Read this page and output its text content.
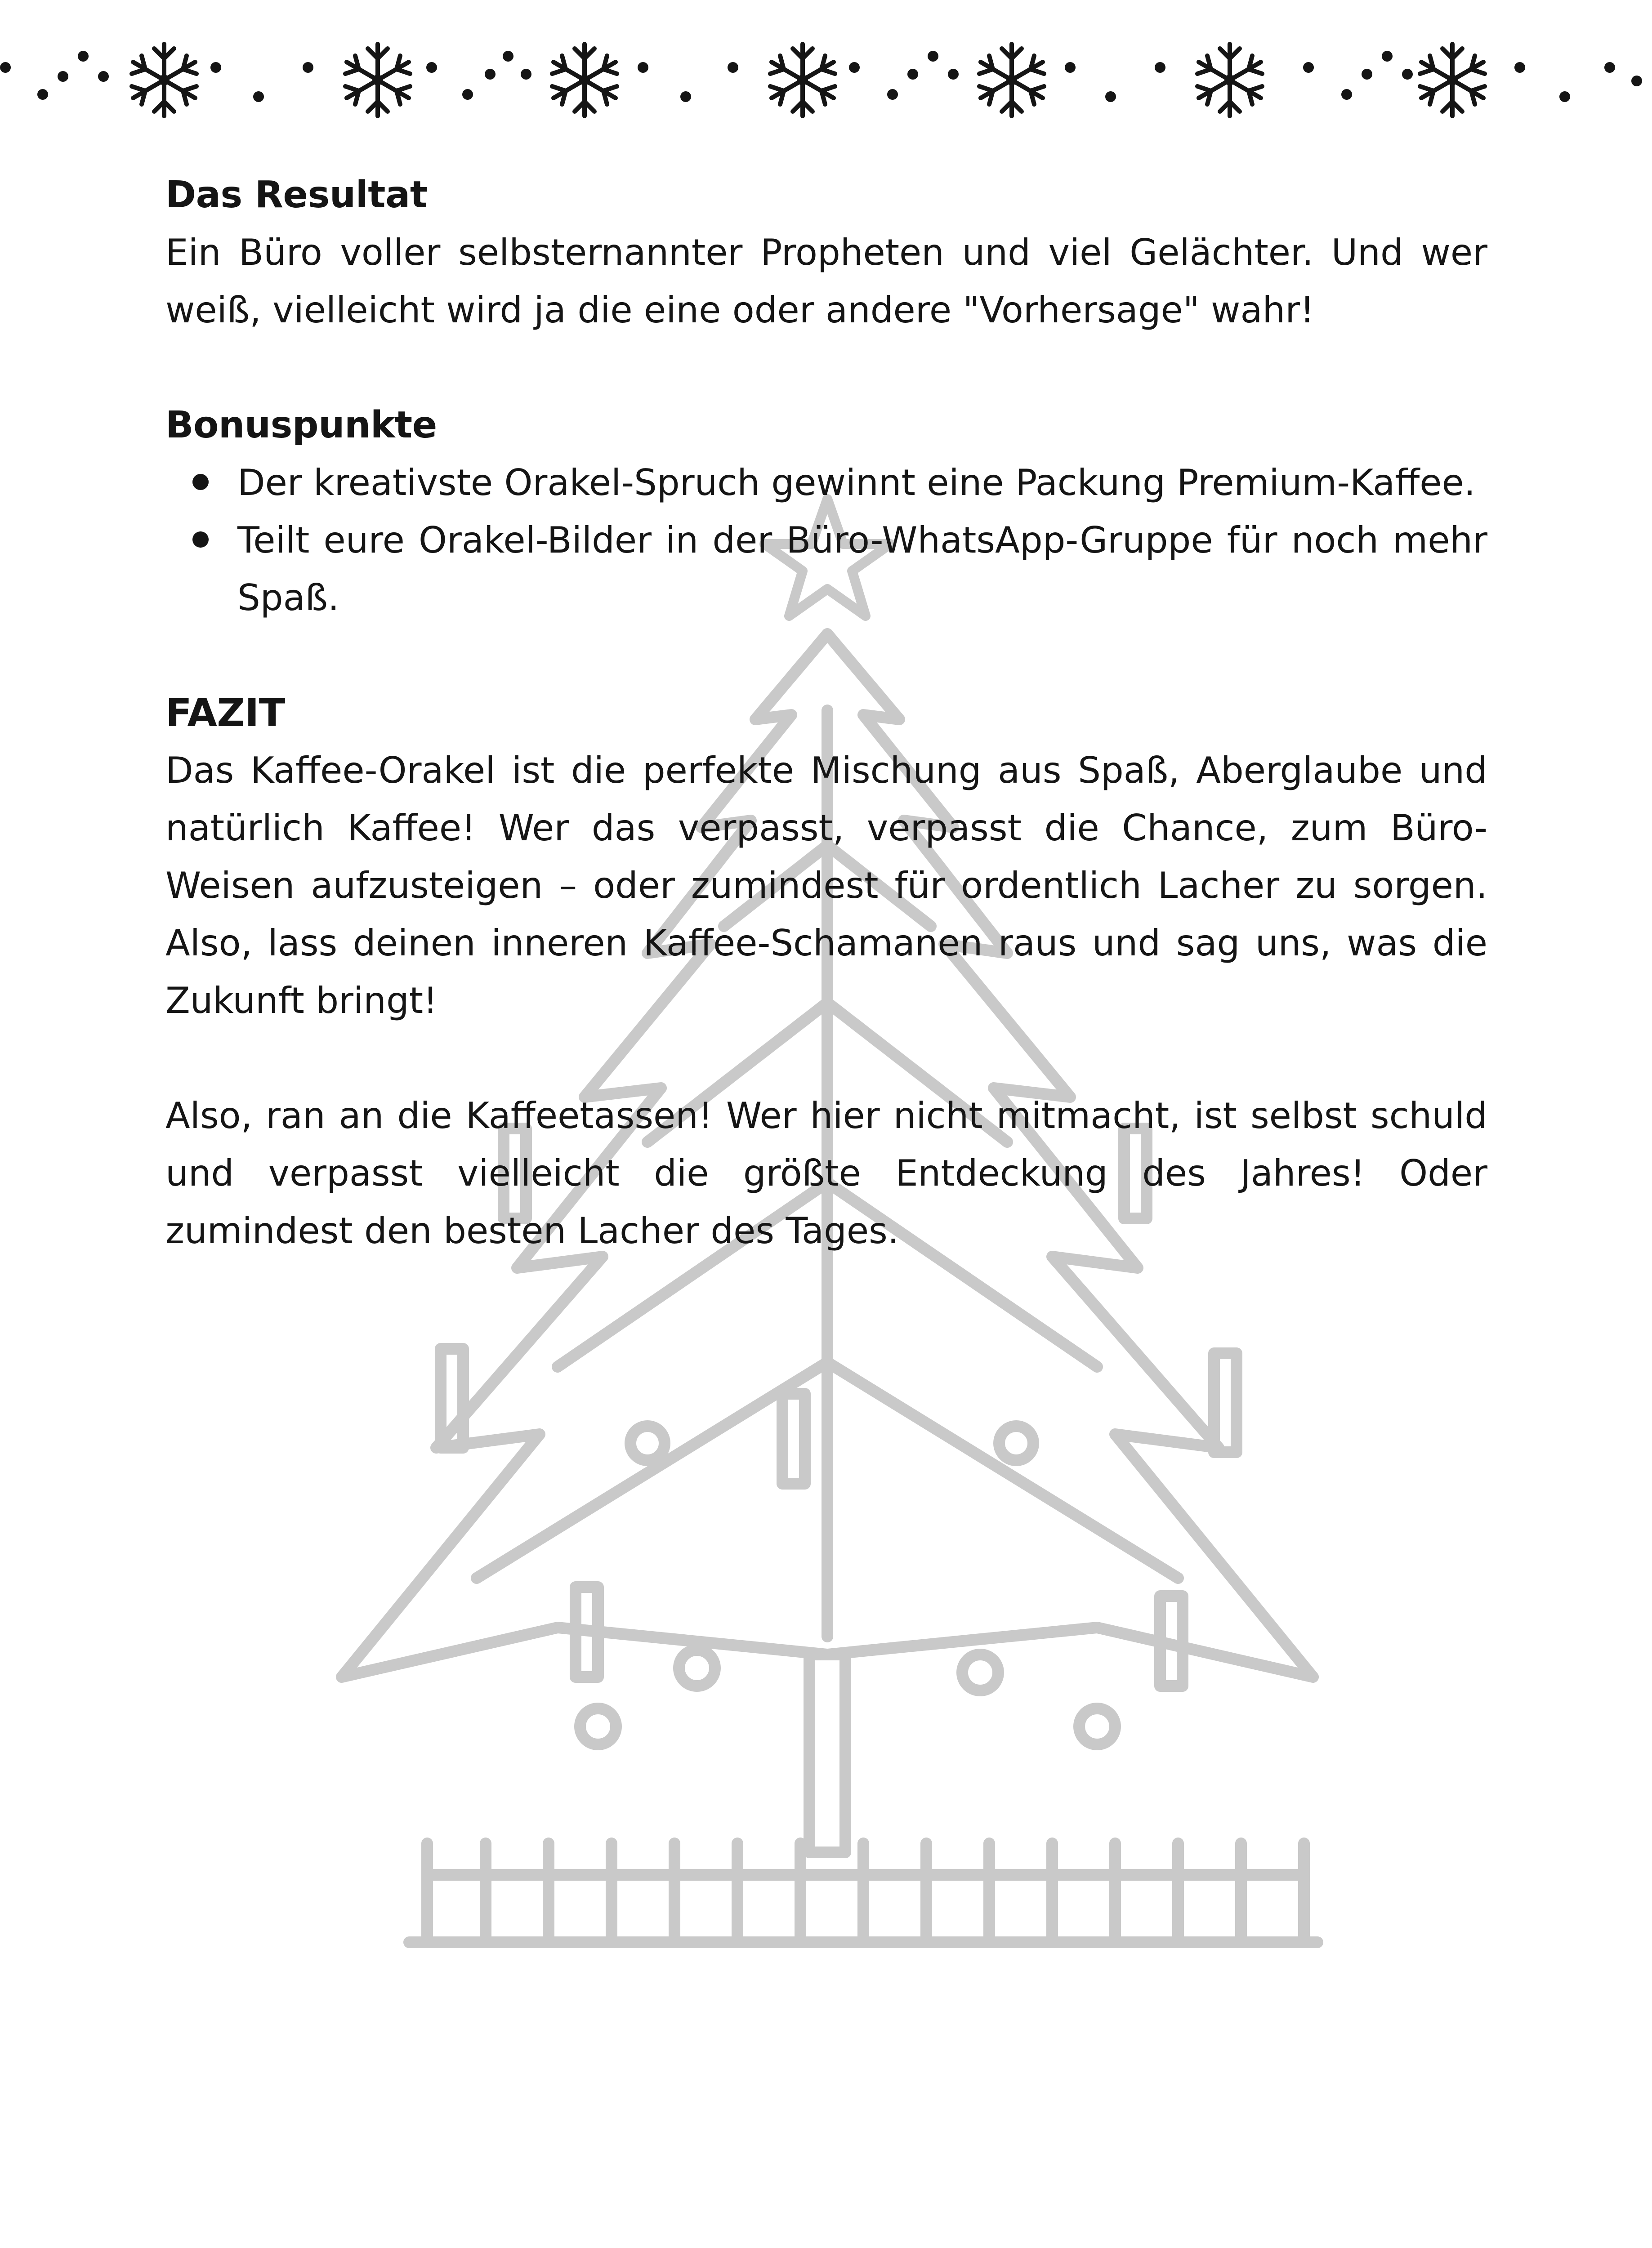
Das Resultat

Ein Büro voller selbsternannter Propheten und viel Gelächter. Und wer weiß, vielleicht wird ja die eine oder andere "Vorhersage" wahr!

Bonuspunkte
Der kreativste Orakel-Spruch gewinnt eine Packung Premium-Kaffee.
Teilt eure Orakel-Bilder in der Büro-WhatsApp-Gruppe für noch mehr Spaß.
FAZIT

Das Kaffee-Orakel ist die perfekte Mischung aus Spaß, Aberglaube und natürlich Kaffee! Wer das verpasst, verpasst die Chance, zum Büro-Weisen aufzusteigen – oder zumindest für ordentlich Lacher zu sorgen. Also, lass deinen inneren Kaffee-Schamanen raus und sag uns, was die Zukunft bringt!

Also, ran an die Kaffeetassen! Wer hier nicht mitmacht, ist selbst schuld und verpasst vielleicht die größte Entdeckung des Jahres! Oder zumindest den besten Lacher des Tages.
